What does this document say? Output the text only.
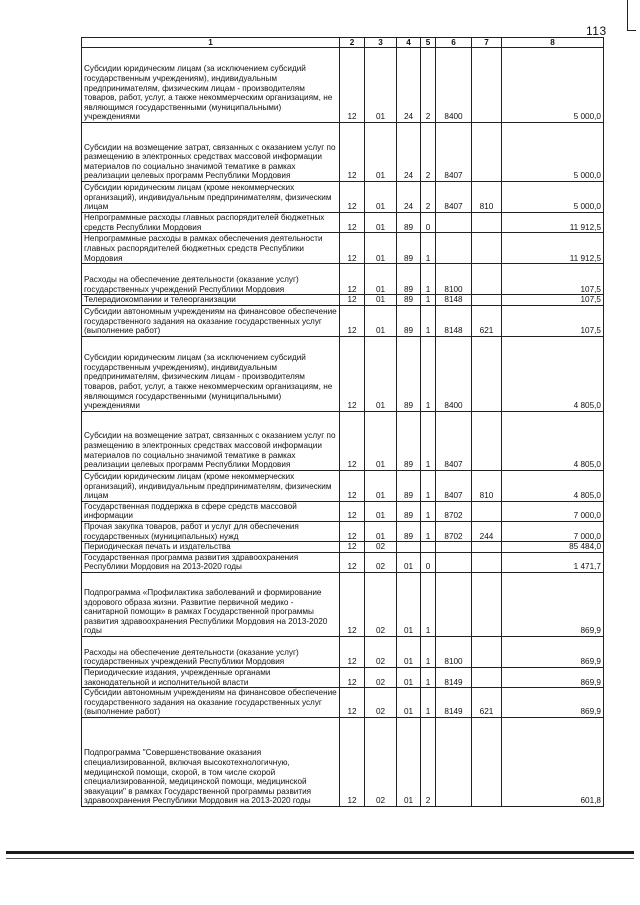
113
1	2	3	4	5	6	7	8
Субсидии юридическим лицам (за исключением субсидий государственным учреждениям), индивидуальным предпринимателям, физическим лицам - производителям товаров, работ, услуг, а также некоммерческим организациям, не являющимся государственными (муниципальными) учреждениями	12	01	24	2	8400		5 000,0
Субсидии на возмещение затрат, связанных с оказанием услуг по размещению в электронных средствах массовой информации материалов по социально значимой тематике в рамках реализации целевых программ Республики Мордовия	12	01	24	2	8407		5 000,0
Субсидии юридическим лицам (кроме некоммерческих организаций), индивидуальным предпринимателям, физическим лицам	12	01	24	2	8407	810	5 000,0
Непрограммные расходы главных распорядителей бюджетных средств Республики Мордовия	12	01	89	0			11 912,5
Непрограммные расходы в рамках обеспечения деятельности главных распорядителей бюджетных средств Республики Мордовия	12	01	89	1			11 912,5
Расходы на обеспечение деятельности (оказание услуг) государственных учреждений Республики Мордовия	12	01	89	1	8100		107,5
Телерадиокомпании и телеорганизации	12	01	89	1	8148		107,5
Субсидии автономным учреждениям на финансовое обеспечение государственного задания на оказание государственных услуг (выполнение работ)	12	01	89	1	8148	621	107,5
Субсидии юридическим лицам (за исключением субсидий государственным учреждениям), индивидуальным предпринимателям, физическим лицам - производителям товаров, работ, услуг, а также некоммерческим организациям, не являющимся государственными (муниципальными) учреждениями	12	01	89	1	8400		4 805,0
Субсидии на возмещение затрат, связанных с оказанием услуг по размещению в электронных средствах массовой информации материалов по социально значимой тематике в рамках реализации целевых программ Республики Мордовия	12	01	89	1	8407		4 805,0
Субсидии юридическим лицам (кроме некоммерческих организаций), индивидуальным предпринимателям, физическим лицам	12	01	89	1	8407	810	4 805,0
Государственная поддержка в сфере средств массовой информации	12	01	89	1	8702		7 000,0
Прочая закупка товаров, работ и услуг для обеспечения государственных (муниципальных) нужд	12	01	89	1	8702	244	7 000,0
Периодическая печать и издательства	12	02					85 484,0
Государственная программа развития здравоохранения Республики Мордовия на 2013-2020 годы	12	02	01	0			1 471,7
Подпрограмма «Профилактика заболеваний и формирование здорового образа жизни. Развитие первичной медико - санитарной помощи» в рамках Государственной программы развития здравоохранения Республики Мордовия на 2013-2020 годы	12	02	01	1			869,9
Расходы на обеспечение деятельности (оказание услуг) государственных учреждений Республики Мордовия	12	02	01	1	8100		869,9
Периодические издания, учрежденные органами законодательной и исполнительной власти	12	02	01	1	8149		869,9
Субсидии автономным учреждениям на финансовое обеспечение государственного задания на оказание государственных услуг (выполнение работ)	12	02	01	1	8149	621	869,9
Подпрограмма "Совершенствование оказания специализированной, включая высокотехнологичную, медицинской помощи, скорой, в том числе скорой специализированной, медицинской помощи, медицинской эвакуации" в рамках Государственной программы развития здравоохранения Республики Мордовия на 2013-2020 годы	12	02	01	2			601,8
